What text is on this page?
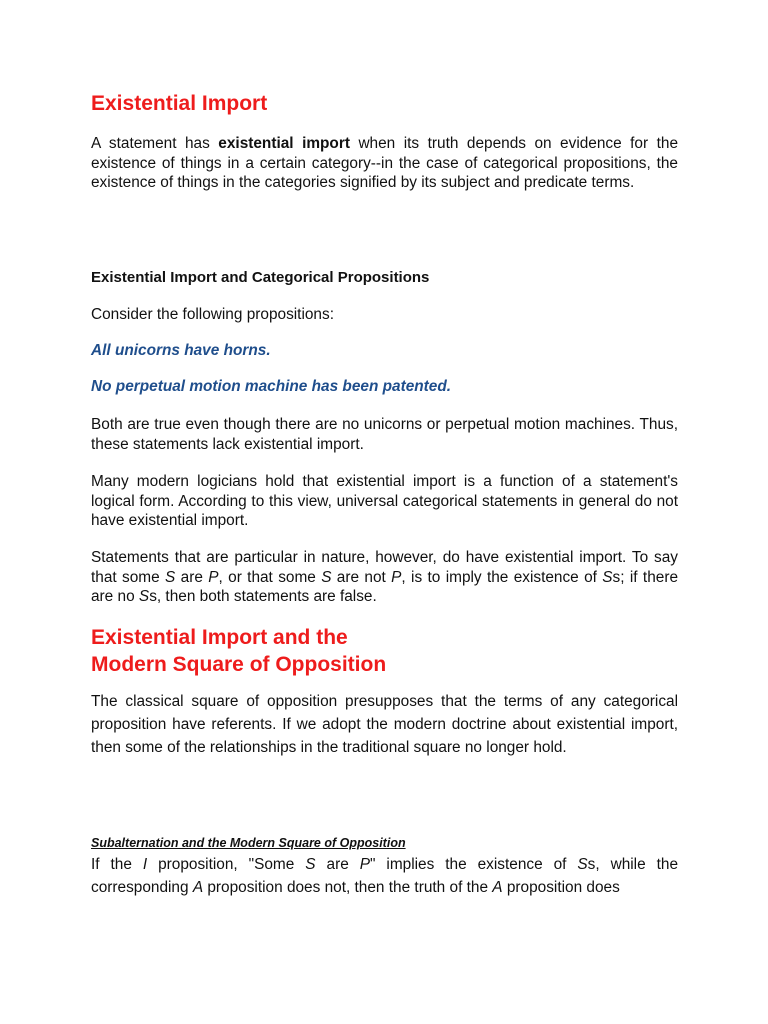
Existential Import

A statement has existential import when its truth depends on evidence for the existence of things in a certain category--in the case of categorical propositions, the existence of things in the categories signified by its subject and predicate terms.

Existential Import and Categorical Propositions

Consider the following propositions:

All unicorns have horns.

No perpetual motion machine has been patented.

Both are true even though there are no unicorns or perpetual motion machines. Thus, these statements lack existential import.

Many modern logicians hold that existential import is a function of a statement's logical form. According to this view, universal categorical statements in general do not have existential import.

Statements that are particular in nature, however, do have existential import. To say that some S are P, or that some S are not P, is to imply the existence of Ss; if there are no Ss, then both statements are false.

Existential Import and the
Modern Square of Opposition

The classical square of opposition presupposes that the terms of any categorical proposition have referents. If we adopt the modern doctrine about existential import, then some of the relationships in the traditional square no longer hold.

Subalternation and the Modern Square of Opposition

If the I proposition, "Some S are P" implies the existence of Ss, while the corresponding A proposition does not, then the truth of the A proposition does
